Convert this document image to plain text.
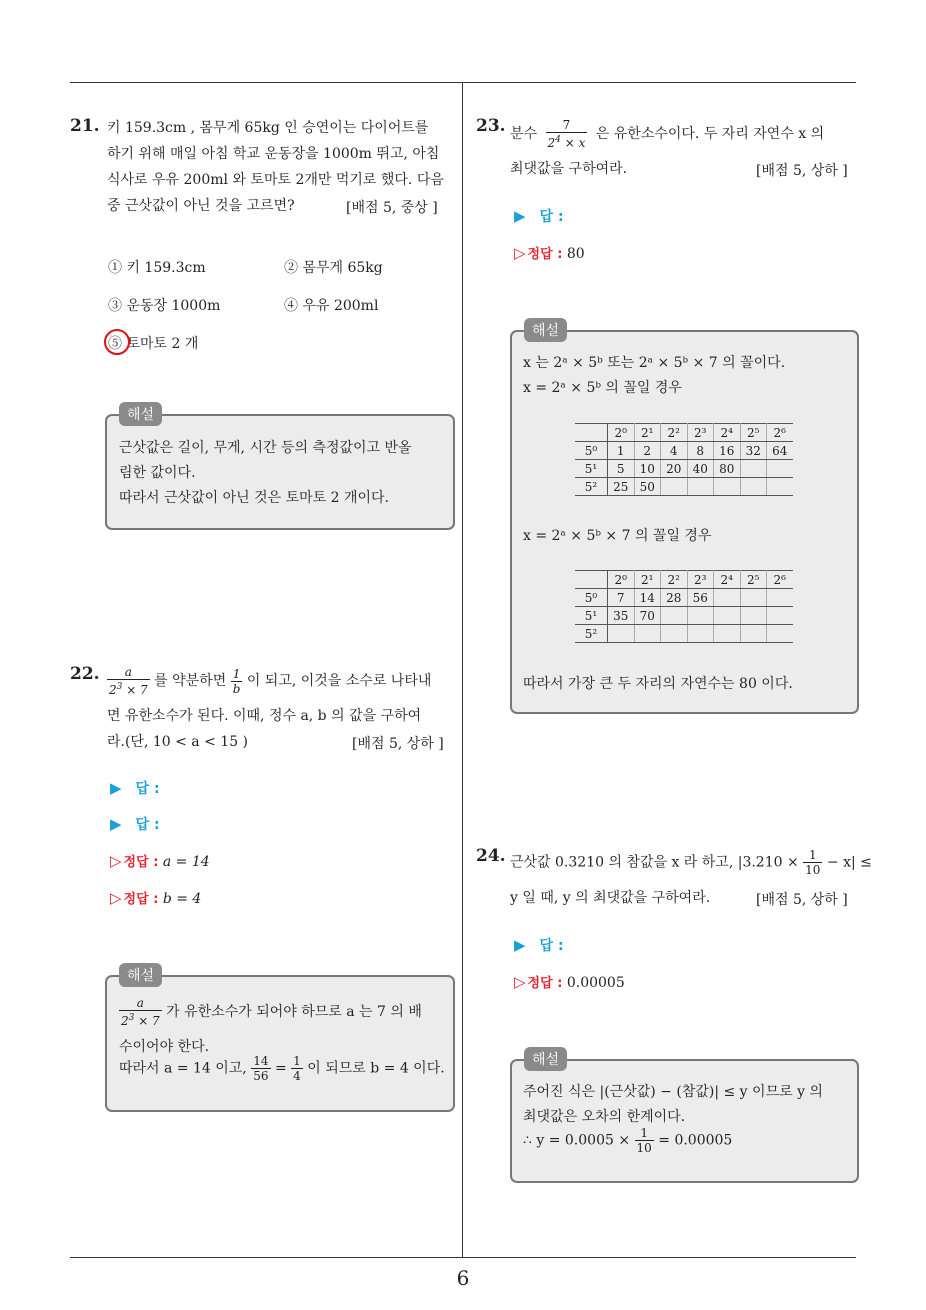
21. 키 159.3cm , 몸무게 65kg 인 승연이는 다이어트를
하기 위해 매일 아침 학교 운동장을 1000m 뛰고, 아침
식사로 우유 200ml 와 토마토 2개만 먹기로 했다. 다음
중 근삿값이 아닌 것을 고르면?	[배점 5, 중상 ]
① 키 159.3cm	② 몸무게 65kg
③ 운동장 1000m	④ 우유 200ml
⑤ 토마토 2 개
해설
근삿값은 길이, 무게, 시간 등의 측정값이고 반올
림한 값이다.
따라서 근삿값이 아닌 것은 토마토 2 개이다.
22. $\frac{a}{2^3 \times 7}$ 를 약분하면 $\frac{1}{b}$ 이 되고, 이것을 소수로 나타내
면 유한소수가 된다. 이때, 정수 a, b 의 값을 구하여
라.(단, 10 < a < 15 )	[배점 5, 상하 ]
▶ 답 :
▶ 답 :
▷ 정답 : a = 14
▷ 정답 : b = 4
해설
$\frac{a}{2^3 \times 7}$ 가 유한소수가 되어야 하므로 a 는 7 의 배
수이어야 한다.
따라서 a = 14 이고, $\frac{14}{56} = \frac{1}{4}$ 이 되므로 b = 4 이다.
23. 분수 $\frac{7}{2^4 \times x}$ 은 유한소수이다. 두 자리 자연수 x 의
최댓값을 구하여라.	[배점 5, 상하 ]
▶ 답 :
▷ 정답 : 80
해설
x 는 2ᵃ × 5ᵇ 또는 2ᵃ × 5ᵇ × 7 의 꼴이다.
x = 2ᵃ × 5ᵇ 의 꼴일 경우
	2⁰	2¹	2²	2³	2⁴	2⁵	2⁶
5⁰	1	2	4	8	16	32	64
5¹	5	10	20	40	80		
5²	25	50					
x = 2ᵃ × 5ᵇ × 7 의 꼴일 경우
	2⁰	2¹	2²	2³	2⁴	2⁵	2⁶
5⁰	7	14	28	56			
5¹	35	70					
5²							
따라서 가장 큰 두 자리의 자연수는 80 이다.
24. 근삿값 0.3210 의 참값을 x 라 하고, $|3.210 \times \frac{1}{10} - x|$ ≤
y 일 때, y 의 최댓값을 구하여라.	[배점 5, 상하 ]
▶ 답 :
▷ 정답 : 0.00005
해설
주어진 식은 |(근삿값) − (참값)| ≤ y 이므로 y 의
최댓값은 오차의 한계이다.
∴ $y = 0.0005 \times \frac{1}{10} = 0.00005$
6
